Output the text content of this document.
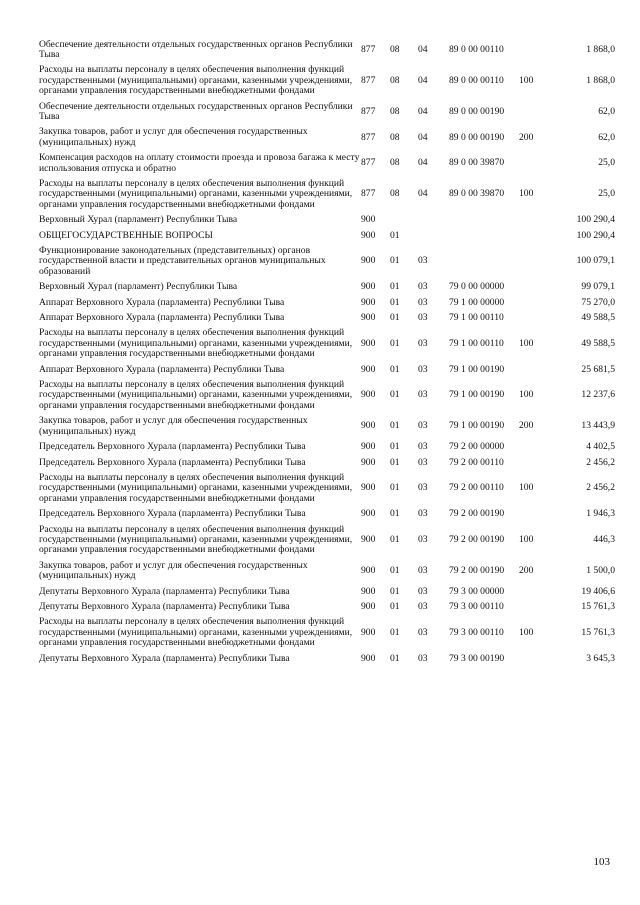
Обеспечение деятельности отдельных государственных органов Республики Тыва	877	08	04	89 0 00 00110		1 868,0
Расходы на выплаты персоналу в целях обеспечения выполнения функций государственными (муниципальными) органами, казенными учреждениями, органами управления государственными внебюджетными фондами	877	08	04	89 0 00 00110	100	1 868,0
Обеспечение деятельности отдельных государственных органов Республики Тыва	877	08	04	89 0 00 00190		62,0
Закупка товаров, работ и услуг для обеспечения государственных (муниципальных) нужд	877	08	04	89 0 00 00190	200	62,0
Компенсация расходов на оплату стоимости проезда и провоза багажа к месту использования отпуска и обратно	877	08	04	89 0 00 39870		25,0
Расходы на выплаты персоналу в целях обеспечения выполнения функций государственными (муниципальными) органами, казенными учреждениями, органами управления государственными внебюджетными фондами	877	08	04	89 0 00 39870	100	25,0
Верховный Хурал (парламент) Республики Тыва	900					100 290,4
ОБЩЕГОСУДАРСТВЕННЫЕ ВОПРОСЫ	900	01				100 290,4
Функционирование законодательных (представительных) органов государственной власти и представительных органов муниципальных образований	900	01	03			100 079,1
Верховный Хурал (парламент) Республики Тыва	900	01	03	79 0 00 00000		99 079,1
Аппарат Верховного Хурала (парламента) Республики Тыва	900	01	03	79 1 00 00000		75 270,0
Аппарат Верховного Хурала (парламента) Республики Тыва	900	01	03	79 1 00 00110		49 588,5
Расходы на выплаты персоналу в целях обеспечения выполнения функций государственными (муниципальными) органами, казенными учреждениями, органами управления государственными внебюджетными фондами	900	01	03	79 1 00 00110	100	49 588,5
Аппарат Верховного Хурала (парламента) Республики Тыва	900	01	03	79 1 00 00190		25 681,5
Расходы на выплаты персоналу в целях обеспечения выполнения функций государственными (муниципальными) органами, казенными учреждениями, органами управления государственными внебюджетными фондами	900	01	03	79 1 00 00190	100	12 237,6
Закупка товаров, работ и услуг для обеспечения государственных (муниципальных) нужд	900	01	03	79 1 00 00190	200	13 443,9
Председатель Верховного Хурала (парламента) Республики Тыва	900	01	03	79 2 00 00000		4 402,5
Председатель Верховного Хурала (парламента) Республики Тыва	900	01	03	79 2 00 00110		2 456,2
Расходы на выплаты персоналу в целях обеспечения выполнения функций государственными (муниципальными) органами, казенными учреждениями, органами управления государственными внебюджетными фондами	900	01	03	79 2 00 00110	100	2 456,2
Председатель Верховного Хурала (парламента) Республики Тыва	900	01	03	79 2 00 00190		1 946,3
Расходы на выплаты персоналу в целях обеспечения выполнения функций государственными (муниципальными) органами, казенными учреждениями, органами управления государственными внебюджетными фондами	900	01	03	79 2 00 00190	100	446,3
Закупка товаров, работ и услуг для обеспечения государственных (муниципальных) нужд	900	01	03	79 2 00 00190	200	1 500,0
Депутаты Верховного Хурала (парламента) Республики Тыва	900	01	03	79 3 00 00000		19 406,6
Депутаты Верховного Хурала (парламента) Республики Тыва	900	01	03	79 3 00 00110		15 761,3
Расходы на выплаты персоналу в целях обеспечения выполнения функций государственными (муниципальными) органами, казенными учреждениями, органами управления государственными внебюджетными фондами	900	01	03	79 3 00 00110	100	15 761,3
Депутаты Верховного Хурала (парламента) Республики Тыва	900	01	03	79 3 00 00190		3 645,3
103
